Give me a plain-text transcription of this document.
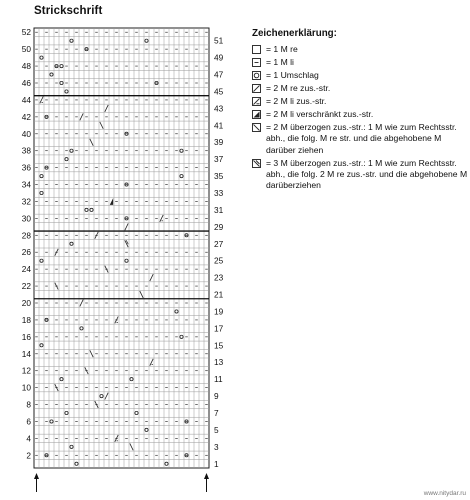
Strickschrift
2
4
6
8
10
12
14
16
18
20
22
24
26
28
30
32
34
36
38
40
42
44
46
48
50
52
1
3
5
7
9
11
13
15
17
19
21
23
25
27
29
31
33
35
37
39
41
43
45
47
49
51
Zeichenerklärung:
= 1 M re
= 1 M li
= 1 Umschlag
= 2 M re zus.-str.
= 2 M li zus.-str.
= 2 M li verschränkt zus.-str.
= 2 M überzogen zus.-str.: 1 M wie zum Rechtsstr. abh., die folg. M re str. und die abgehobene M darüber ziehen
= 3 M überzogen zus.-str.: 1 M wie zum Rechtsstr. abh., die folg. 2 M re zus.-str. und die abgehobene M darüberziehen
www.nitydar.ru
